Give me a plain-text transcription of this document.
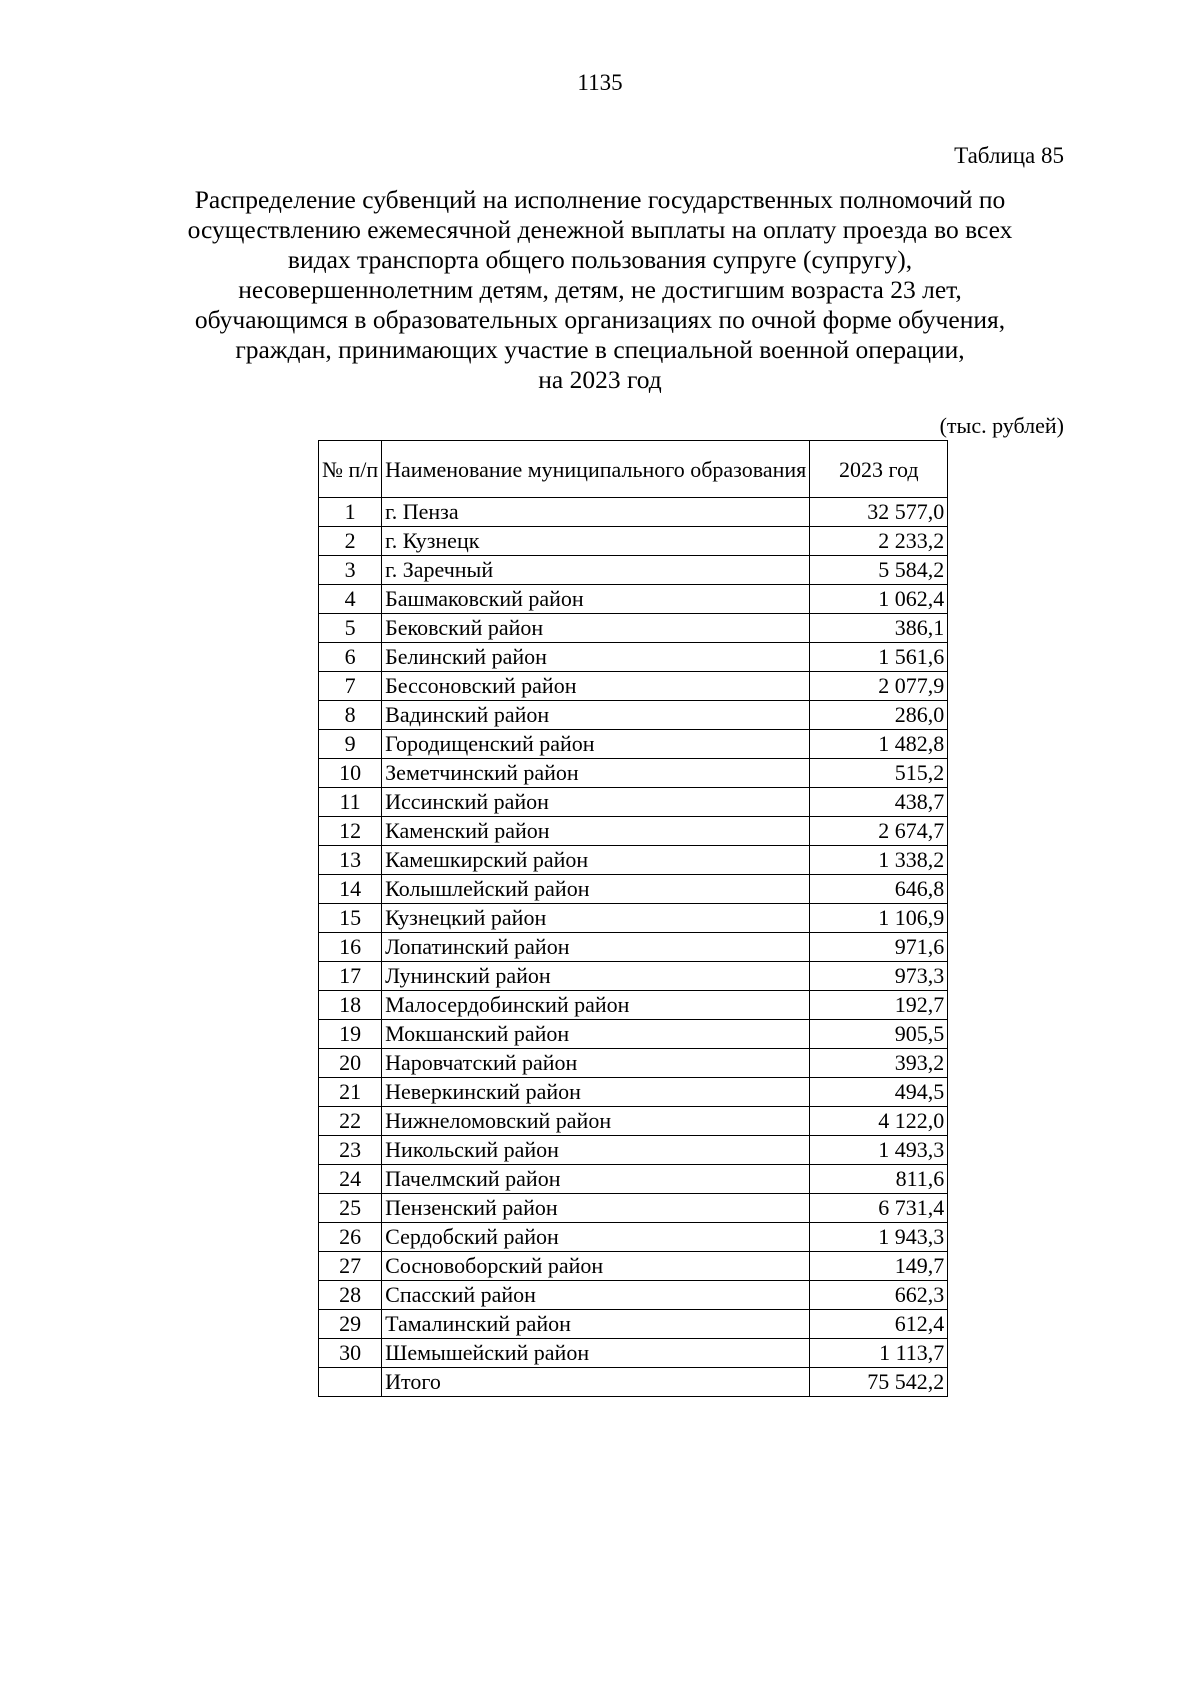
1135
Таблица 85
Распределение субвенций на исполнение государственных полномочий по
осуществлению ежемесячной денежной выплаты на оплату проезда во всех
видах транспорта общего пользования супруге (супругу),
несовершеннолетним детям, детям, не достигшим возраста 23 лет,
обучающимся в образовательных организациях по очной форме обучения,
граждан, принимающих участие в специальной военной операции,
на 2023 год
(тыс. рублей)
№ п/п	Наименование муниципального образования	2023 год
1	г. Пенза	32 577,0
2	г. Кузнецк	2 233,2
3	г. Заречный	5 584,2
4	Башмаковский район	1 062,4
5	Бековский район	386,1
6	Белинский район	1 561,6
7	Бессоновский район	2 077,9
8	Вадинский район	286,0
9	Городищенский район	1 482,8
10	Земетчинский район	515,2
11	Иссинский район	438,7
12	Каменский район	2 674,7
13	Камешкирский район	1 338,2
14	Колышлейский район	646,8
15	Кузнецкий район	1 106,9
16	Лопатинский район	971,6
17	Лунинский район	973,3
18	Малосердобинский район	192,7
19	Мокшанский район	905,5
20	Наровчатский район	393,2
21	Неверкинский район	494,5
22	Нижнеломовский район	4 122,0
23	Никольский район	1 493,3
24	Пачелмский район	811,6
25	Пензенский район	6 731,4
26	Сердобский район	1 943,3
27	Сосновоборский район	149,7
28	Спасский район	662,3
29	Тамалинский район	612,4
30	Шемышейский район	1 113,7
	Итого	75 542,2
